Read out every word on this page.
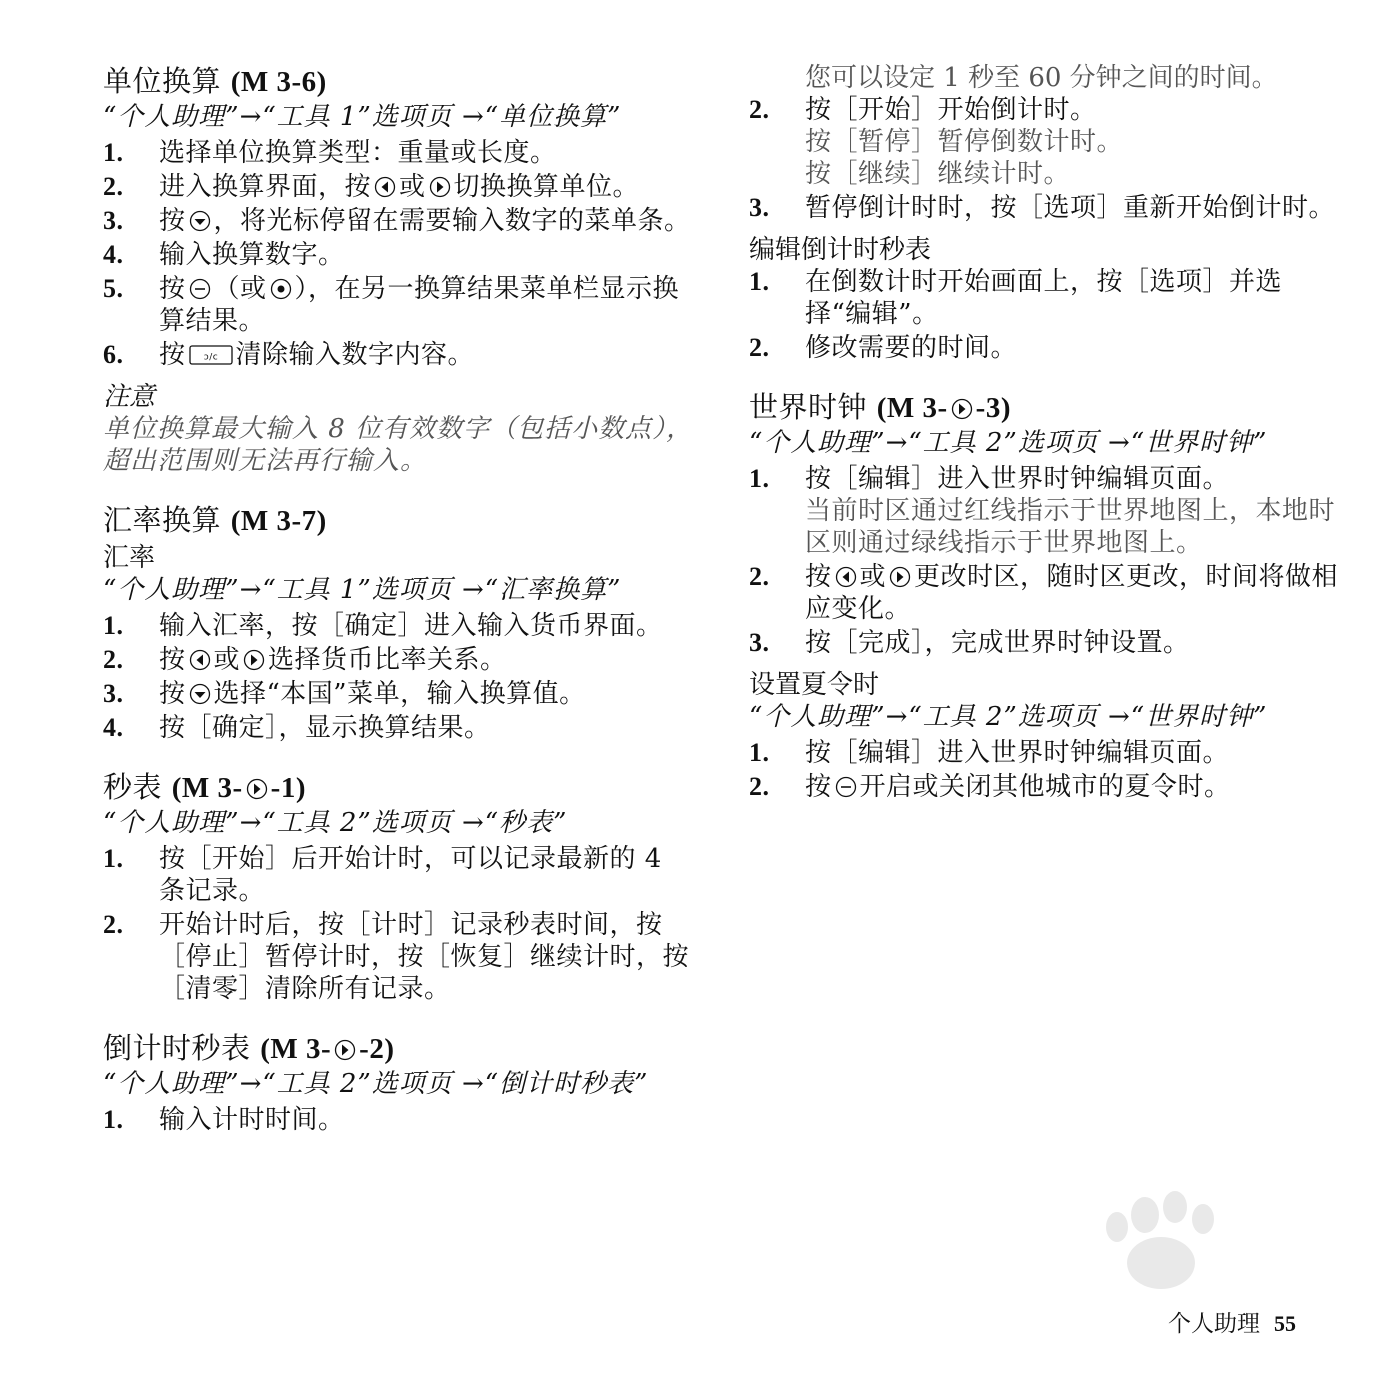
单位换算 (M 3-6)

“个人助理”→“工具 1”选项页 →“单位换算”

1. 选择单位换算类型：重量或长度。
2. 进入换算界面，按 或 切换换算单位。
3. 按 ，将光标停留在需要输入数字的菜单条。
4. 输入换算数字。
5. 按 （或 ），在另一换算结果菜单栏显示换算结果。
6. 按 清除输入数字内容。

注意

单位换算最大输入 8 位有效数字（包括小数点），超出范围则无法再行输入。

汇率换算 (M 3-7)

汇率

“个人助理”→“工具 1”选项页 →“汇率换算”

1. 输入汇率，按［确定］进入输入货币界面。
2. 按 或 选择货币比率关系。
3. 按 选择“本国”菜单，输入换算值。
4. 按［确定］，显示换算结果。
秒表 (M 3- -1)

“个人助理”→“工具 2”选项页 →“秒表”

1. 按［开始］后开始计时，可以记录最新的 4 条记录。
2. 开始计时后，按［计时］记录秒表时间，按［停止］暂停计时，按［恢复］继续计时，按［清零］清除所有记录。
倒计时秒表 (M 3- -2)

“个人助理”→“工具 2”选项页 →“倒计时秒表”

1. 输入计时时间。

您可以设定 1 秒至 60 分钟之间的时间。

2. 按［开始］开始倒计时。
按［暂停］暂停倒数计时。
按［继续］继续计时。
3. 暂停倒计时时，按［选项］重新开始倒计时。

编辑倒计时秒表

1. 在倒数计时开始画面上，按［选项］并选择“编辑”。
2. 修改需要的时间。
世界时钟 (M 3- -3)

“个人助理”→“工具 2”选项页 →“世界时钟”

1. 按［编辑］进入世界时钟编辑页面。
当前时区通过红线指示于世界地图上，本地时区则通过绿线指示于世界地图上。
2. 按 或 更改时区，随时区更改，时间将做相应变化。
3. 按［完成］，完成世界时钟设置。

设置夏令时

“个人助理”→“工具 2”选项页 →“世界时钟”

1. 按［编辑］进入世界时钟编辑页面。
2. 按 开启或关闭其他城市的夏令时。
个人助理 55
